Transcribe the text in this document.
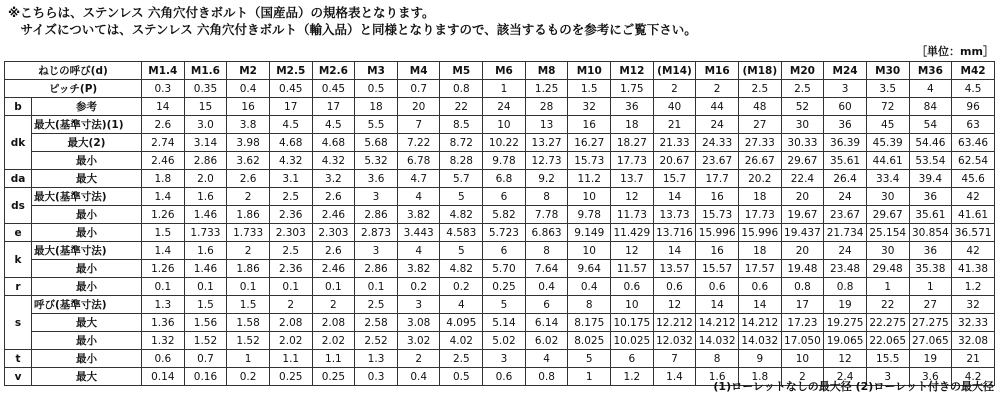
※こちらは、ステンレス 六角穴付きボルト（国産品）の規格表となります。
　サイズについては、ステンレス 六角穴付きボルト（輸入品）と同様となりますので、該当するものを参考にご覧下さい。
［単位：mm］
ねじの呼び(d)		M1.4	M1.6	M2	M2.5	M2.6	M3	M4	M5	M6	M8	M10	M12	(M14)	M16	(M18)	M20	M24	M30	M36	M42
ピッチ(P)		0.3	0.35	0.4	0.45	0.45	0.5	0.7	0.8	1	1.25	1.5	1.75	2	2	2.5	2.5	3	3.5	4	4.5
b	参考	14	15	16	17	17	18	20	22	24	28	32	36	40	44	48	52	60	72	84	96
dk	最大(基準寸法)(1)	2.6	3.0	3.8	4.5	4.5	5.5	7	8.5	10	13	16	18	21	24	27	30	36	45	54	63
	最大(2)	2.74	3.14	3.98	4.68	4.68	5.68	7.22	8.72	10.22	13.27	16.27	18.27	21.33	24.33	27.33	30.33	36.39	45.39	54.46	63.46
	最小	2.46	2.86	3.62	4.32	4.32	5.32	6.78	8.28	9.78	12.73	15.73	17.73	20.67	23.67	26.67	29.67	35.61	44.61	53.54	62.54
da	最大	1.8	2.0	2.6	3.1	3.2	3.6	4.7	5.7	6.8	9.2	11.2	13.7	15.7	17.7	20.2	22.4	26.4	33.4	39.4	45.6
ds	最大(基準寸法)	1.4	1.6	2	2.5	2.6	3	4	5	6	8	10	12	14	16	18	20	24	30	36	42
	最小	1.26	1.46	1.86	2.36	2.46	2.86	3.82	4.82	5.82	7.78	9.78	11.73	13.73	15.73	17.73	19.67	23.67	29.67	35.61	41.61
e	最小	1.5	1.733	1.733	2.303	2.303	2.873	3.443	4.583	5.723	6.863	9.149	11.429	13.716	15.996	15.996	19.437	21.734	25.154	30.854	36.571
k	最大(基準寸法)	1.4	1.6	2	2.5	2.6	3	4	5	6	8	10	12	14	16	18	20	24	30	36	42
	最小	1.26	1.46	1.86	2.36	2.46	2.86	3.82	4.82	5.70	7.64	9.64	11.57	13.57	15.57	17.57	19.48	23.48	29.48	35.38	41.38
r	最小	0.1	0.1	0.1	0.1	0.1	0.1	0.2	0.2	0.25	0.4	0.4	0.6	0.6	0.6	0.6	0.8	0.8	1	1	1.2
s	呼び(基準寸法)	1.3	1.5	1.5	2	2	2.5	3	4	5	6	8	10	12	14	14	17	19	22	27	32
	最大	1.36	1.56	1.58	2.08	2.08	2.58	3.08	4.095	5.14	6.14	8.175	10.175	12.212	14.212	14.212	17.23	19.275	22.275	27.275	32.33
	最小	1.32	1.52	1.52	2.02	2.02	2.52	3.02	4.02	5.02	6.02	8.025	10.025	12.032	14.032	14.032	17.050	19.065	22.065	27.065	32.08
t	最小	0.6	0.7	1	1.1	1.1	1.3	2	2.5	3	4	5	6	7	8	9	10	12	15.5	19	21
v	最大	0.14	0.16	0.2	0.25	0.25	0.3	0.4	0.5	0.6	0.8	1	1.2	1.4	1.6	1.8	2	2.4	3	3.6	4.2
(1)ローレットなしの最大径 (2)ローレット付きの最大径
